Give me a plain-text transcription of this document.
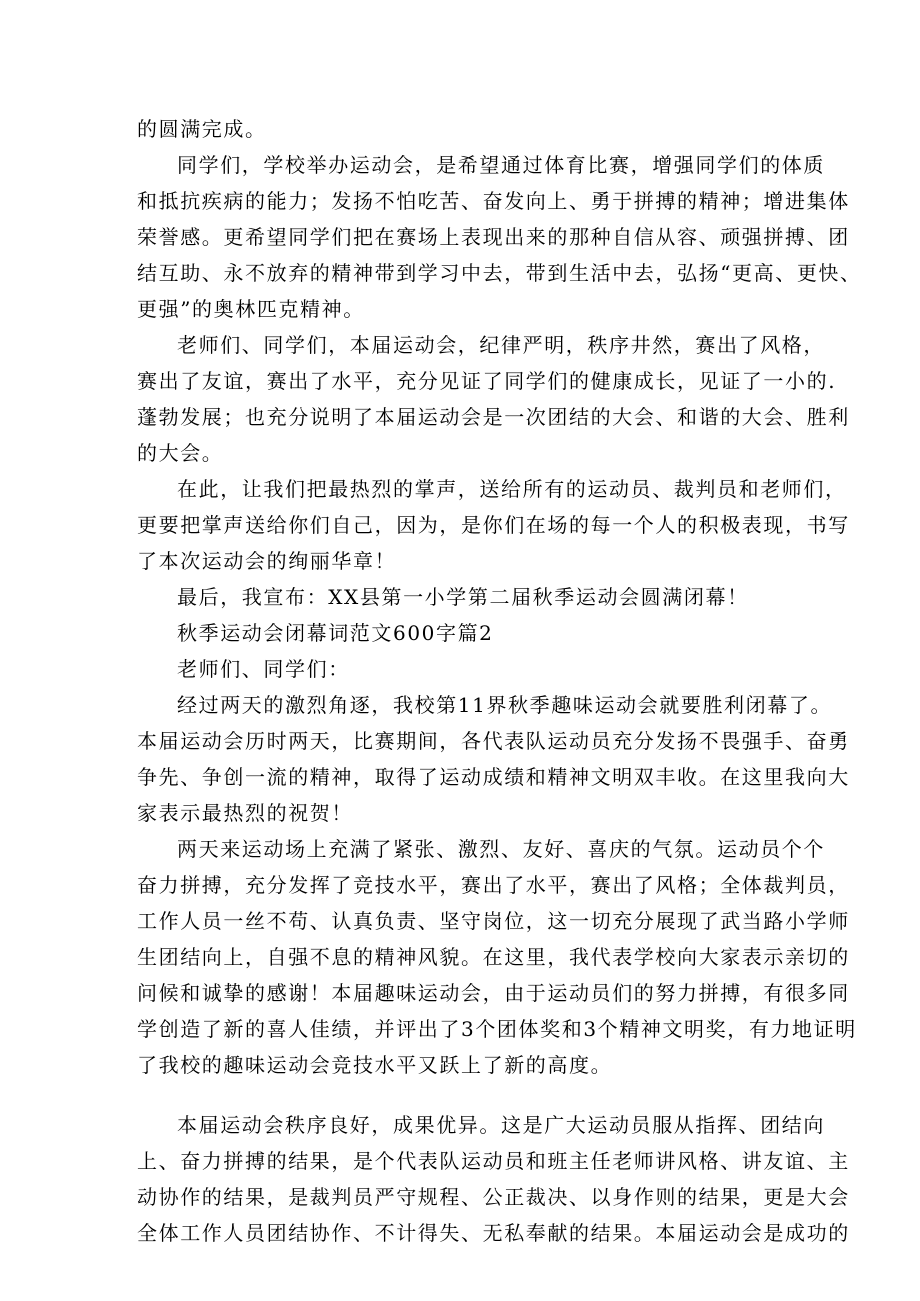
的圆满完成。
同学们，学校举办运动会，是希望通过体育比赛，增强同学们的体质
和抵抗疾病的能力；发扬不怕吃苦、奋发向上、勇于拼搏的精神；增进集体
荣誉感。更希望同学们把在赛场上表现出来的那种自信从容、顽强拼搏、团
结互助、永不放弃的精神带到学习中去，带到生活中去，弘扬“更高、更快、
更强”的奥林匹克精神。
老师们、同学们，本届运动会，纪律严明，秩序井然，赛出了风格，
赛出了友谊，赛出了水平，充分见证了同学们的健康成长，见证了一小的.
蓬勃发展；也充分说明了本届运动会是一次团结的大会、和谐的大会、胜利
的大会。
在此，让我们把最热烈的掌声，送给所有的运动员、裁判员和老师们，
更要把掌声送给你们自己，因为，是你们在场的每一个人的积极表现，书写
了本次运动会的绚丽华章！
最后，我宣布：XX县第一小学第二届秋季运动会圆满闭幕！
秋季运动会闭幕词范文600字篇2
老师们、同学们：
经过两天的激烈角逐，我校第11界秋季趣味运动会就要胜利闭幕了。
本届运动会历时两天，比赛期间，各代表队运动员充分发扬不畏强手、奋勇
争先、争创一流的精神，取得了运动成绩和精神文明双丰收。在这里我向大
家表示最热烈的祝贺！
两天来运动场上充满了紧张、激烈、友好、喜庆的气氛。运动员个个
奋力拼搏，充分发挥了竞技水平，赛出了水平，赛出了风格；全体裁判员，
工作人员一丝不苟、认真负责、坚守岗位，这一切充分展现了武当路小学师
生团结向上，自强不息的精神风貌。在这里，我代表学校向大家表示亲切的
问候和诚挚的感谢！本届趣味运动会，由于运动员们的努力拼搏，有很多同
学创造了新的喜人佳绩，并评出了3个团体奖和3个精神文明奖，有力地证明
了我校的趣味运动会竞技水平又跃上了新的高度。
本届运动会秩序良好，成果优异。这是广大运动员服从指挥、团结向
上、奋力拼搏的结果，是个代表队运动员和班主任老师讲风格、讲友谊、主
动协作的结果，是裁判员严守规程、公正裁决、以身作则的结果，更是大会
全体工作人员团结协作、不计得失、无私奉献的结果。本届运动会是成功的
